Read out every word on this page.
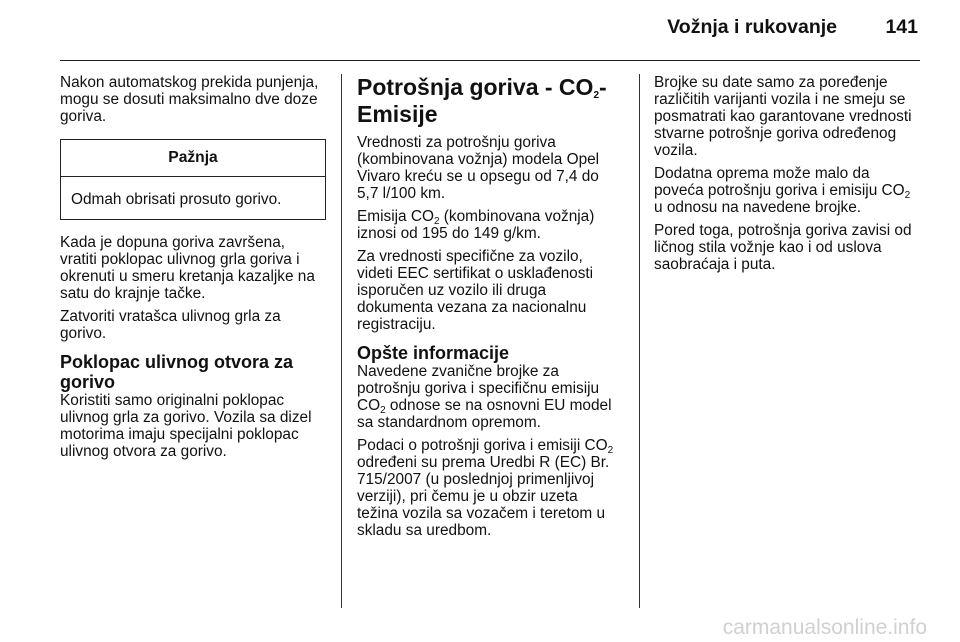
Vožnja i rukovanje	141

Nakon automatskog prekida punjenja, mogu se dosuti maksimalno dve doze goriva.

Pažnja
Odmah obrisati prosuto gorivo.

Kada je dopuna goriva završena, vratiti poklopac ulivnog grla goriva i okrenuti u smeru kretanja kazaljke na satu do krajnje tačke.

Zatvoriti vratašca ulivnog grla za gorivo.

Poklopac ulivnog otvora za gorivo

Koristiti samo originalni poklopac ulivnog grla za gorivo. Vozila sa dizel motorima imaju specijalni poklopac ulivnog otvora za gorivo.

Potrošnja goriva - $CO_2$-Emisije

Vrednosti za potrošnju goriva (kombinovana vožnja) modela Opel Vivaro kreću se u opsegu od 7,4 do 5,7 l/100 km.

Emisija $CO_2$ (kombinovana vožnja) iznosi od 195 do 149 g/km.

Za vrednosti specifične za vozilo, videti EEC sertifikat o usklađenosti isporučen uz vozilo ili druga dokumenta vezana za nacionalnu registraciju.

Opšte informacije

Navedene zvanične brojke za potrošnju goriva i specifičnu emisiju $CO_2$ odnose se na osnovni EU model sa standardnom opremom.

Podaci o potrošnji goriva i emisiji $CO_2$ određeni su prema Uredbi R (EC) Br. 715/2007 (u poslednjoj primenljivoj verziji), pri čemu je u obzir uzeta težina vozila sa vozačem i teretom u skladu sa uredbom.

Brojke su date samo za poređenje različitih varijanti vozila i ne smeju se posmatrati kao garantovane vrednosti stvarne potrošnje goriva određenog vozila.

Dodatna oprema može malo da poveća potrošnju goriva i emisiju $CO_2$ u odnosu na navedene brojke.

Pored toga, potrošnja goriva zavisi od ličnog stila vožnje kao i od uslova saobraćaja i puta.

carmanualsonline.info
